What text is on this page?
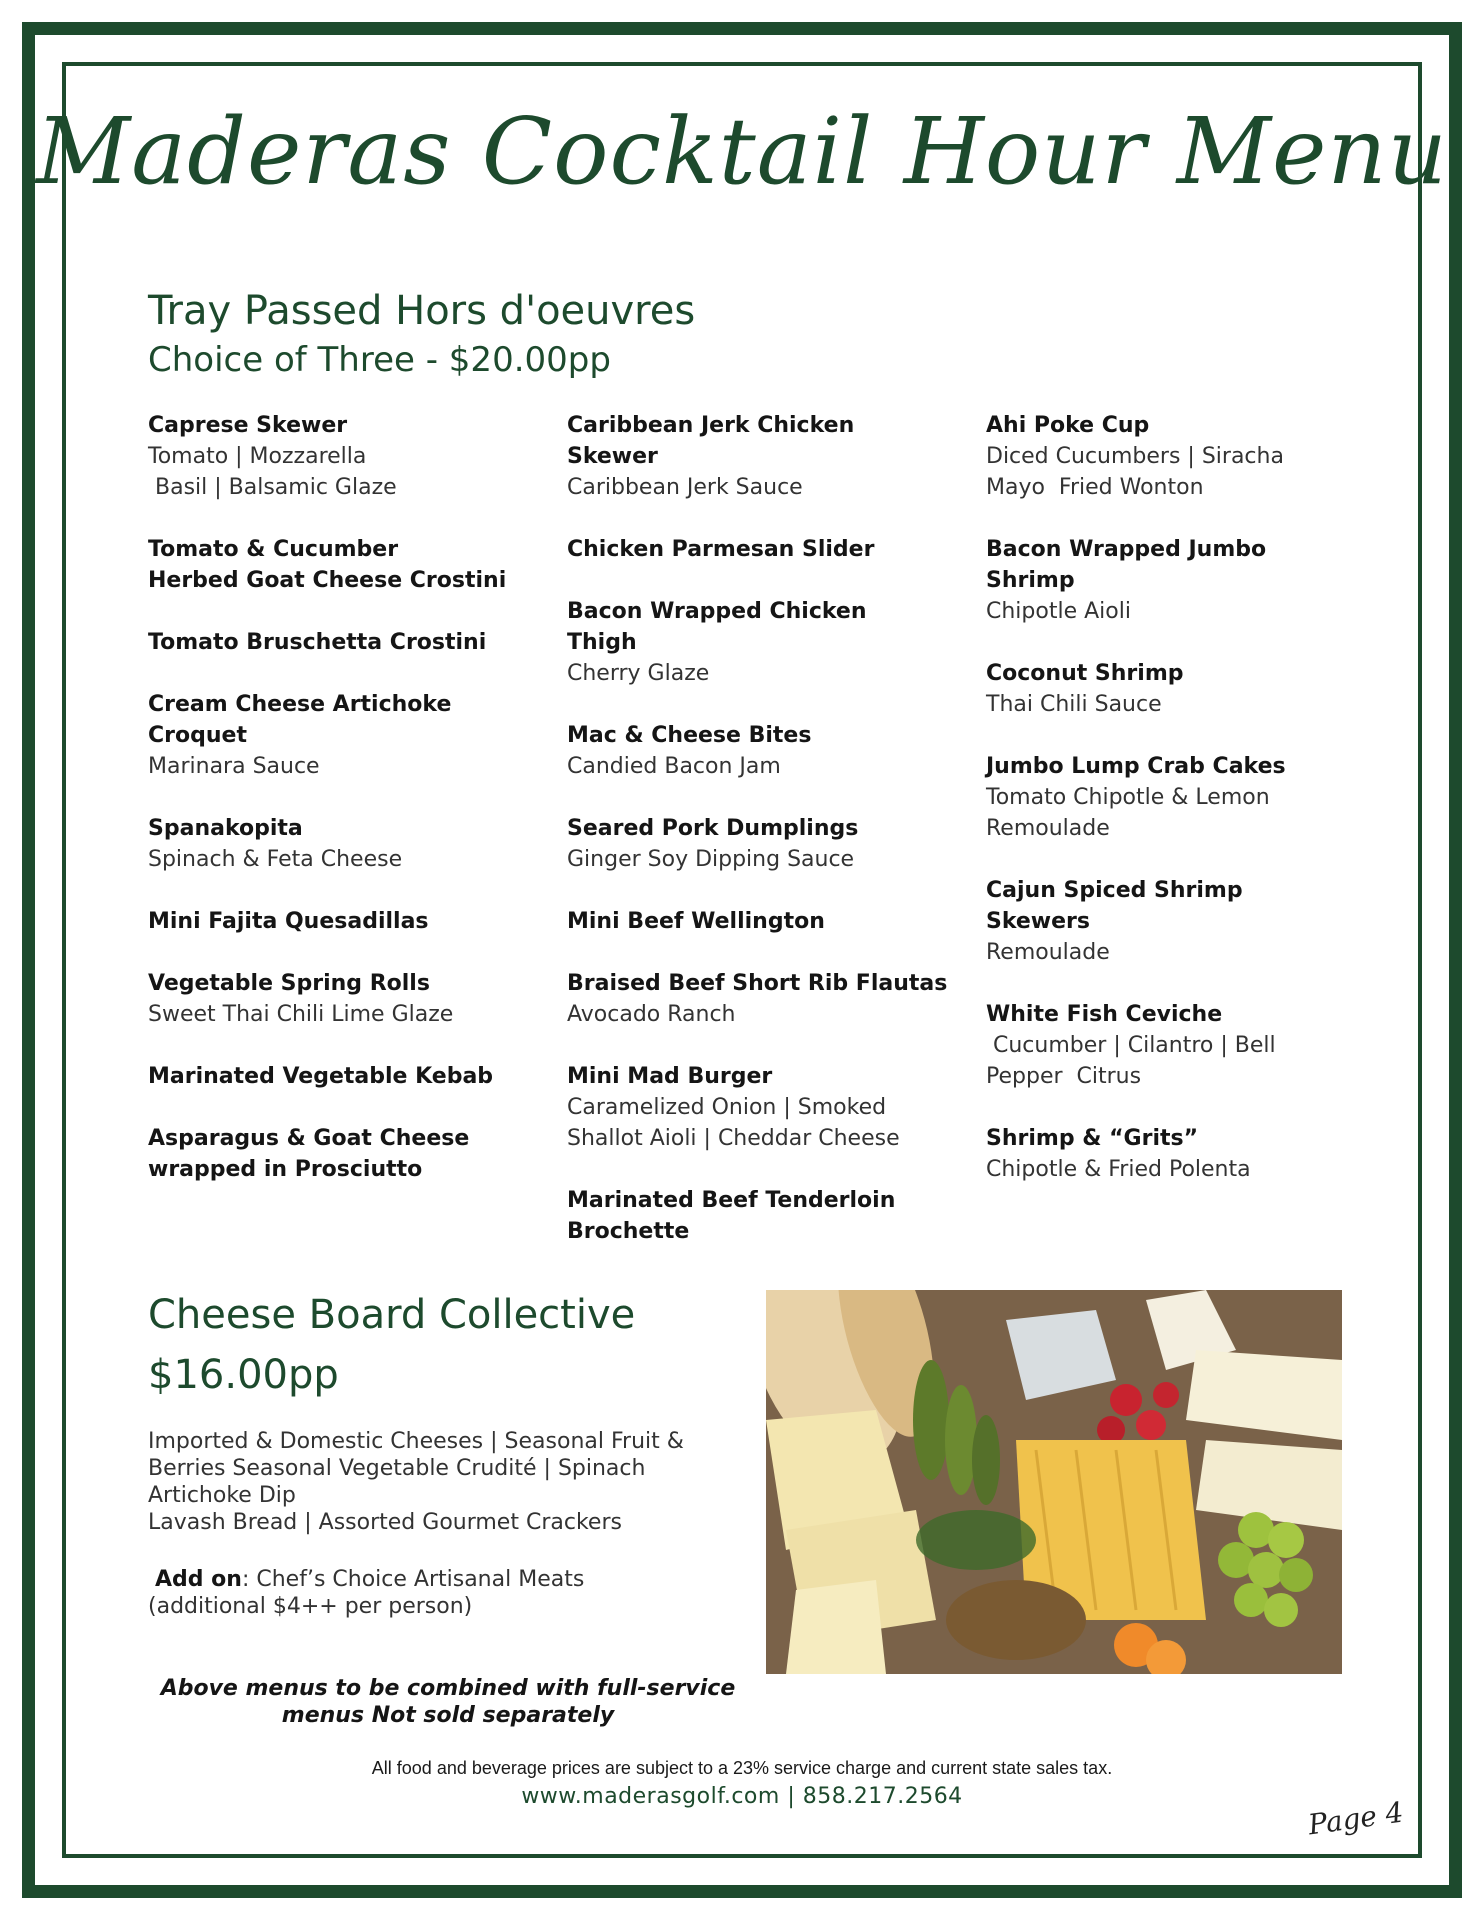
Maderas Cocktail Hour Menu
Tray Passed Hors d'oeuvres
Choice of Three - $20.00pp
Caprese Skewer
Tomato | Mozzarella
Basil | Balsamic Glaze
Tomato & Cucumber
Herbed Goat Cheese Crostini
Tomato Bruschetta Crostini
Cream Cheese Artichoke
Croquet
Marinara Sauce
Spanakopita
Spinach & Feta Cheese
Mini Fajita Quesadillas
Vegetable Spring Rolls
Sweet Thai Chili Lime Glaze
Marinated Vegetable Kebab
Asparagus & Goat Cheese
wrapped in Prosciutto
Caribbean Jerk Chicken
Skewer
Caribbean Jerk Sauce
Chicken Parmesan Slider
Bacon Wrapped Chicken
Thigh
Cherry Glaze
Mac & Cheese Bites
Candied Bacon Jam
Seared Pork Dumplings
Ginger Soy Dipping Sauce
Mini Beef Wellington
Braised Beef Short Rib Flautas
Avocado Ranch
Mini Mad Burger
Caramelized Onion | Smoked
Shallot Aioli | Cheddar Cheese
Marinated Beef Tenderloin
Brochette
Ahi Poke Cup
Diced Cucumbers | Siracha
Mayo  Fried Wonton
Bacon Wrapped Jumbo
Shrimp
Chipotle Aioli
Coconut Shrimp
Thai Chili Sauce
Jumbo Lump Crab Cakes
Tomato Chipotle & Lemon
Remoulade
Cajun Spiced Shrimp
Skewers
Remoulade
White Fish Ceviche
Cucumber | Cilantro | Bell
Pepper  Citrus
Shrimp & “Grits”
Chipotle & Fried Polenta
Cheese Board Collective
$16.00pp

Imported & Domestic Cheeses | Seasonal Fruit &

Berries Seasonal Vegetable Crudité | Spinach

Artichoke Dip

Lavash Bread | Assorted Gourmet Crackers

Add on: Chef’s Choice Artisanal Meats

(additional $4++ per person)

Above menus to be combined with full-service

menus Not sold separately

All food and beverage prices are subject to a 23% service charge and current state sales tax.
www.maderasgolf.com | 858.217.2564	Page 4
